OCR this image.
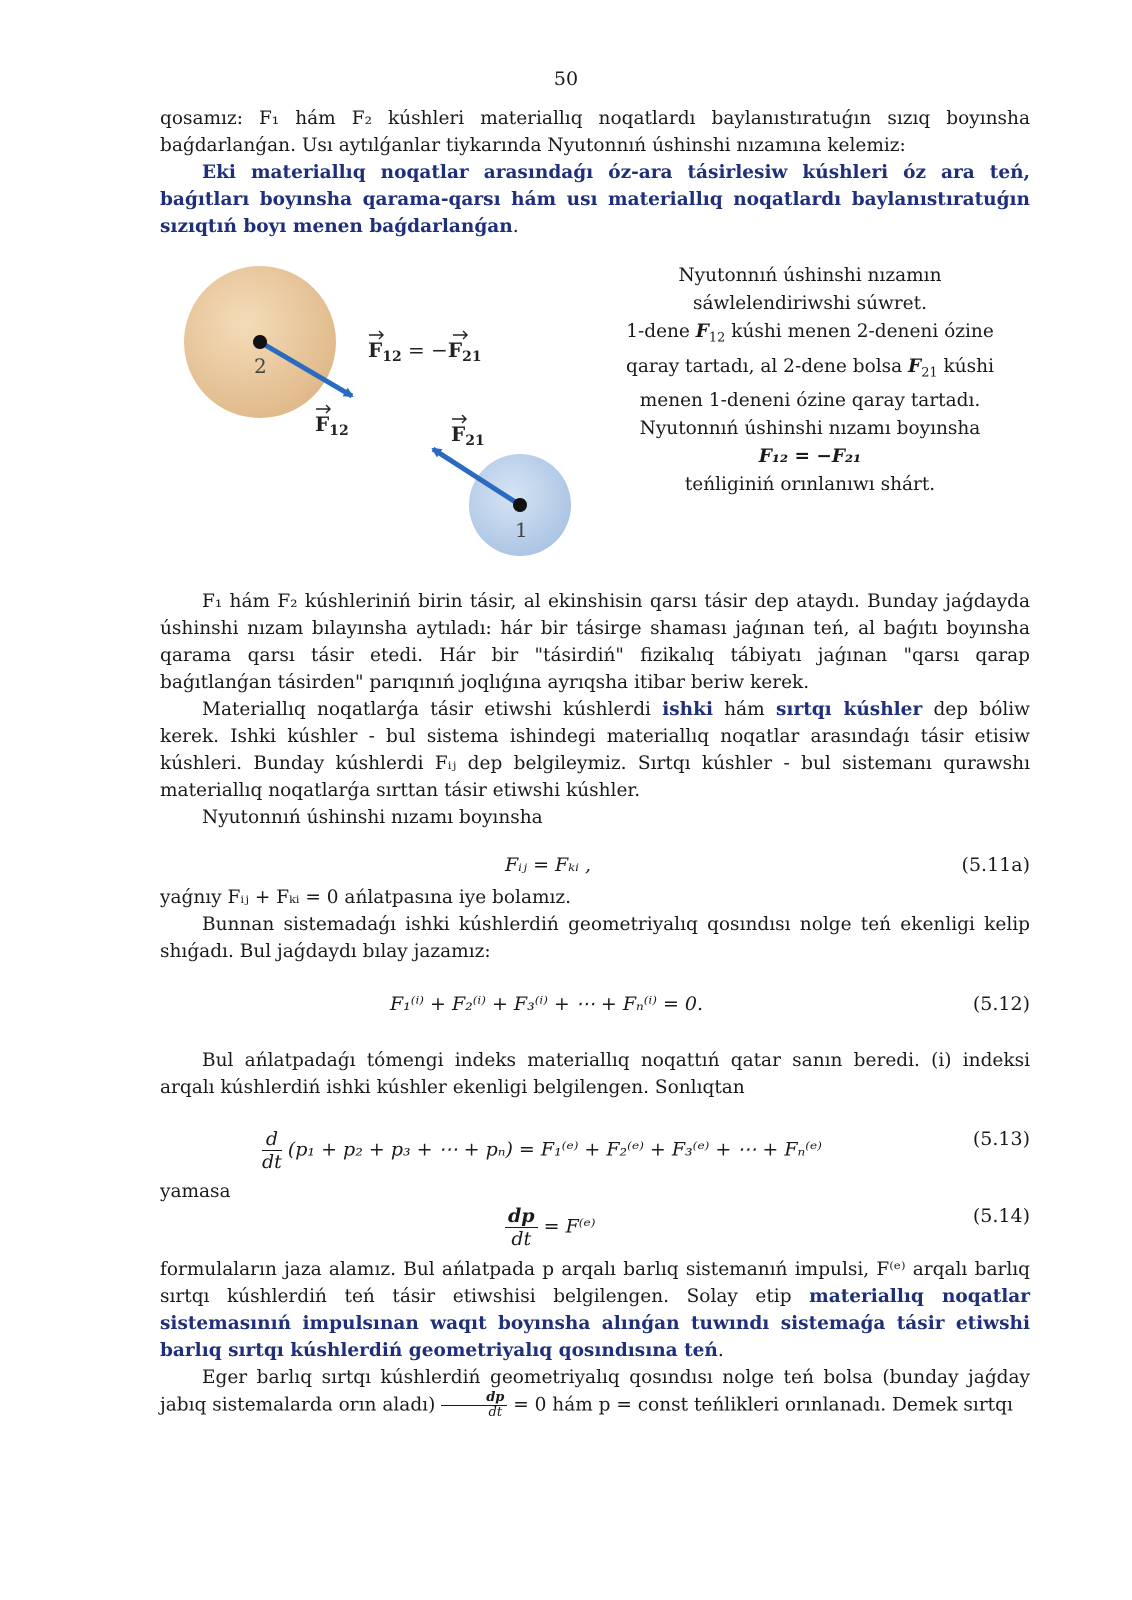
50

qosamız: F₁ hám F₂ kúshleri materiallıq noqatlardı baylanıstıratuǵın sızıq boyınsha baǵdarlanǵan. Usı aytılǵanlar tiykarında Nyutonnıń úshinshi nızamına kelemiz:

Eki materiallıq noqatlar arasındaǵı óz-ara tásirlesiw kúshleri óz ara teń, baǵıtları boyınsha qarama-qarsı hám usı materiallıq noqatlardı baylanıstıratuǵın sızıqtıń boyı menen baǵdarlanǵan.

2
1
$F_{12} = -F_{21}$
$F_{12}$	$F_{21}$

Nyutonnıń úshinshi nızamın

sáwlelendiriwshi súwret.

1-dene $F_{12}$ kúshi menen 2-deneni ózine

qaray tartadı, al 2-dene bolsa $F_{21}$ kúshi

menen 1-deneni ózine qaray tartadı.

Nyutonnıń úshinshi nızamı boyınsha

F₁₂ = −F₂₁

teńliginiń orınlanıwı shárt.

F₁ hám F₂ kúshleriniń birin tásir, al ekinshisin qarsı tásir dep ataydı. Bunday jaǵdayda úshinshi nızam bılayınsha aytıladı: hár bir tásirge shaması jaǵınan teń, al baǵıtı boyınsha qarama qarsı tásir etedi. Hár bir "tásirdiń" fizikalıq tábiyatı jaǵınan "qarsı qarap baǵıtlanǵan tásirden" parıqınıń joqlıǵına ayrıqsha itibar beriw kerek.

Materiallıq noqatlarǵa tásir etiwshi kúshlerdi ishki hám sırtqı kúshler dep bóliw kerek. Ishki kúshler - bul sistema ishindegi materiallıq noqatlar arasındaǵı tásir etisiw kúshleri. Bunday kúshlerdi Fᵢⱼ dep belgileymiz. Sırtqı kúshler - bul sistemanı qurawshı materiallıq noqatlarǵa sırttan tásir etiwshi kúshler.

Nyutonnıń úshinshi nızamı boyınsha

Fᵢⱼ = Fₖᵢ ,	(5.11a)

yaǵnıy Fᵢⱼ + Fₖᵢ = 0 ańlatpasına iye bolamız.

Bunnan sistemadaǵı ishki kúshlerdiń geometriyalıq qosındısı nolge teń ekenligi kelip shıǵadı. Bul jaǵdaydı bılay jazamız:

F₁⁽ⁱ⁾ + F₂⁽ⁱ⁾ + F₃⁽ⁱ⁾ + ⋯ + Fₙ⁽ⁱ⁾ = 0.	(5.12)

Bul ańlatpadaǵı tómengi indeks materiallıq noqattıń qatar sanın beredi. (i) indeksi arqalı kúshlerdiń ishki kúshler ekenligi belgilengen. Sonlıqtan

$\frac{d}{dt} (p_1 + p_2 + p_3$ + ⋯ + pₙ) = F₁⁽ᵉ⁾ + F₂⁽ᵉ⁾ + F₃⁽ᵉ⁾ + ⋯ + Fₙ⁽ᵉ⁾	(5.13)

yamasa

$\frac{dp}{dt}$ = F⁽ᵉ⁾	(5.14)

formulaların jaza alamız. Bul ańlatpada p arqalı barlıq sistemanıń impulsi, F⁽ᵉ⁾ arqalı barlıq sırtqı kúshlerdiń teń tásir etiwshisi belgilengen. Solay etip materiallıq noqatlar sistemasınıń impulsınan waqıt boyınsha alınǵan tuwındı sistemaǵa tásir etiwshi barlıq sırtqı kúshlerdiń geometriyalıq qosındısına teń.

Eger barlıq sırtqı kúshlerdiń geometriyalıq qosındısı nolge teń bolsa (bunday jaǵday jabıq sistemalarda orın aladı) $\frac{dp}{dt} = 0$ hám p = const teńlikleri orınlanadı. Demek sırtqı
